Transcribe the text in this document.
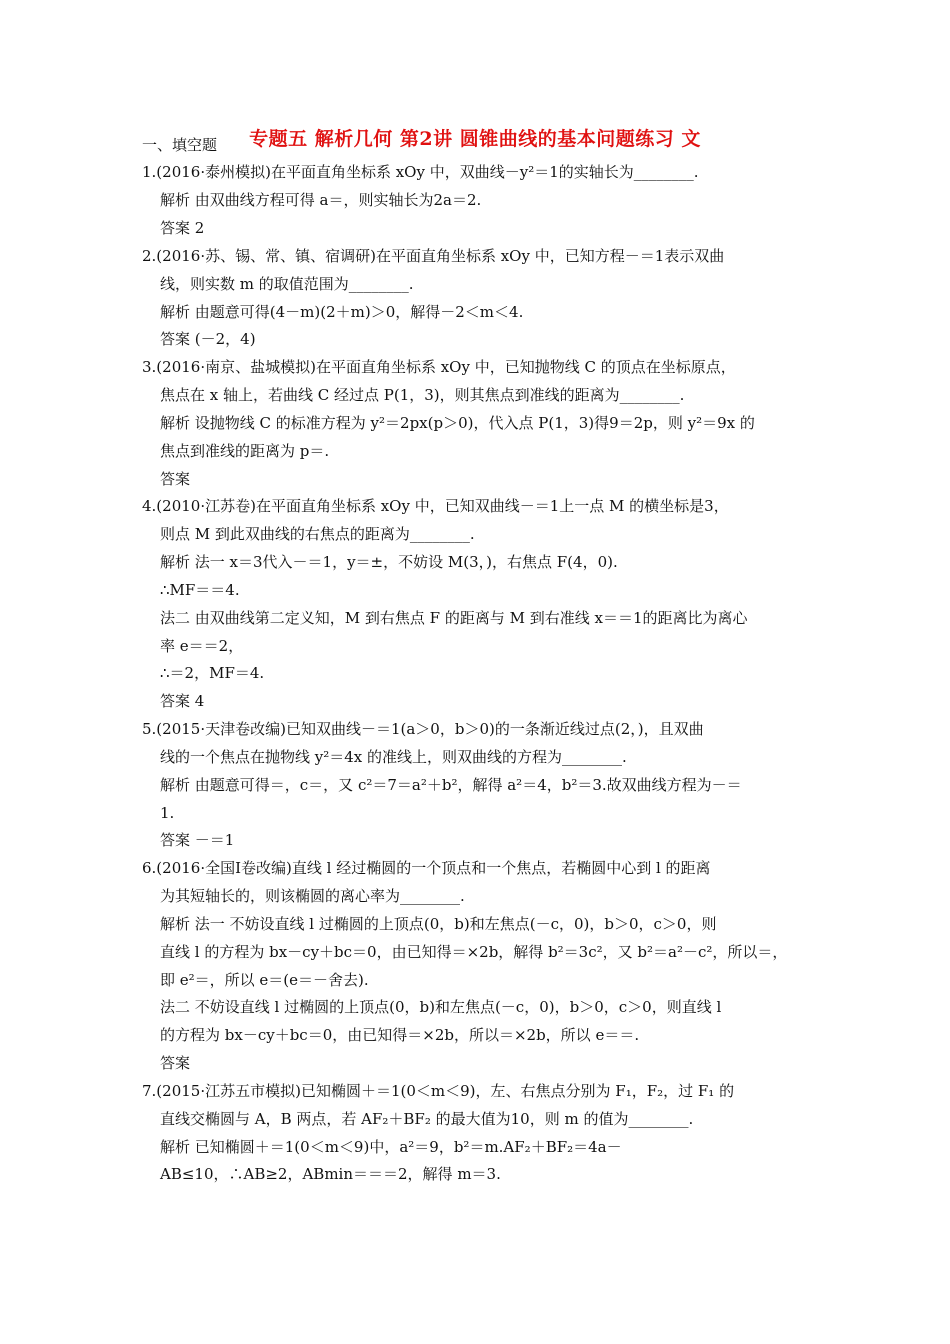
专题五 解析几何 第2讲 圆锥曲线的基本问题练习 文
一、填空题
1.(2016·泰州模拟)在平面直角坐标系 xOy 中，双曲线－y²＝1的实轴长为________.
解析 由双曲线方程可得 a＝，则实轴长为2a＝2.
答案 2
2.(2016·苏、锡、常、镇、宿调研)在平面直角坐标系 xOy 中，已知方程－＝1表示双曲
线，则实数 m 的取值范围为________.
解析 由题意可得(4－m)(2＋m)＞0，解得－2＜m＜4.
答案 (－2，4)
3.(2016·南京、盐城模拟)在平面直角坐标系 xOy 中，已知抛物线 C 的顶点在坐标原点，
焦点在 x 轴上，若曲线 C 经过点 P(1，3)，则其焦点到准线的距离为________.
解析 设抛物线 C 的标准方程为 y²＝2px(p＞0)，代入点 P(1，3)得9＝2p，则 y²＝9x 的
焦点到准线的距离为 p＝.
答案
4.(2010·江苏卷)在平面直角坐标系 xOy 中，已知双曲线－＝1上一点 M 的横坐标是3，
则点 M 到此双曲线的右焦点的距离为________.
解析 法一 x＝3代入－＝1，y＝±，不妨设 M(3，)，右焦点 F(4，0).
∴MF＝＝4.
法二 由双曲线第二定义知，M 到右焦点 F 的距离与 M 到右准线 x＝＝1的距离比为离心
率 e＝＝2，
∴＝2，MF＝4.
答案 4
5.(2015·天津卷改编)已知双曲线－＝1(a＞0，b＞0)的一条渐近线过点(2，)，且双曲
线的一个焦点在抛物线 y²＝4x 的准线上，则双曲线的方程为________.
解析 由题意可得＝，c＝，又 c²＝7＝a²＋b²，解得 a²＝4，b²＝3.故双曲线方程为－＝
1.
答案 －＝1
6.(2016·全国Ⅰ卷改编)直线 l 经过椭圆的一个顶点和一个焦点，若椭圆中心到 l 的距离
为其短轴长的，则该椭圆的离心率为________.
解析 法一 不妨设直线 l 过椭圆的上顶点(0，b)和左焦点(－c，0)，b＞0，c＞0，则
直线 l 的方程为 bx－cy＋bc＝0，由已知得＝×2b，解得 b²＝3c²，又 b²＝a²－c²，所以＝，
即 e²＝，所以 e＝(e＝－舍去).
法二 不妨设直线 l 过椭圆的上顶点(0，b)和左焦点(－c，0)，b＞0，c＞0，则直线 l
的方程为 bx－cy＋bc＝0，由已知得＝×2b，所以＝×2b，所以 e＝＝.
答案
7.(2015·江苏五市模拟)已知椭圆＋＝1(0＜m＜9)，左、右焦点分别为 F₁，F₂，过 F₁ 的
直线交椭圆与 A，B 两点，若 AF₂＋BF₂ 的最大值为10，则 m 的值为________.
解析 已知椭圆＋＝1(0＜m＜9)中，a²＝9，b²＝m.AF₂＋BF₂＝4a－
AB≤10，∴AB≥2，ABmin＝＝＝2，解得 m＝3.
